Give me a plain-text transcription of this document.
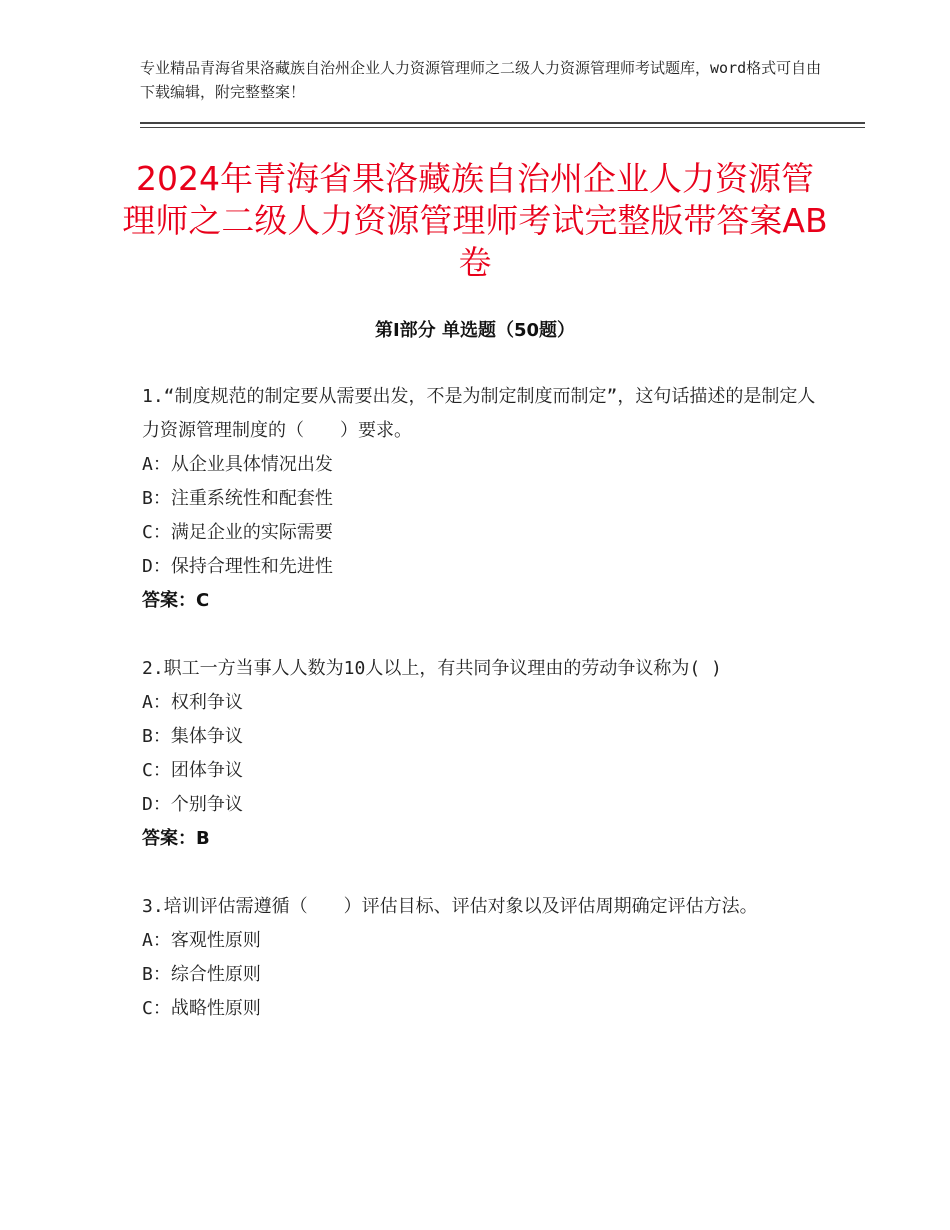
专业精品青海省果洛藏族自治州企业人力资源管理师之二级人力资源管理师考试题库，word格式可自由下载编辑，附完整整案！
2024年青海省果洛藏族自治州企业人力资源管理师之二级人力资源管理师考试完整版带答案AB卷
第Ⅰ部分 单选题（50题）

1.“制度规范的制定要从需要出发，不是为制定制度而制定”，这句话描述的是制定人力资源管理制度的（　　）要求。

A：从企业具体情况出发

B：注重系统性和配套性

C：满足企业的实际需要

D：保持合理性和先进性

答案：C

2.职工一方当事人人数为10人以上，有共同争议理由的劳动争议称为( )

A：权利争议

B：集体争议

C：团体争议

D：个别争议

答案：B

3.培训评估需遵循（　　）评估目标、评估对象以及评估周期确定评估方法。

A：客观性原则

B：综合性原则

C：战略性原则
